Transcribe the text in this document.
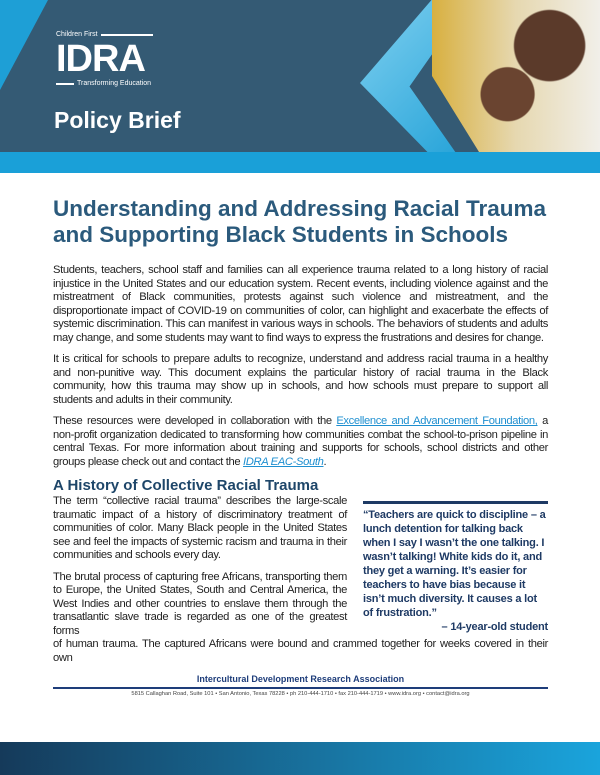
Children First
IDRA
Transforming Education
Policy Brief
Understanding and Addressing Racial Trauma and Supporting Black Students in Schools

Students, teachers, school staff and families can all experience trauma related to a long history of racial injustice in the United States and our education system. Recent events, including violence against and the mistreatment of Black communities, protests against such violence and mistreatment, and the disproportionate impact of COVID-19 on communities of color, can highlight and exacerbate the effects of systemic discrimination. This can manifest in various ways in schools. The behaviors of students and adults may change, and some students may want to find ways to express the frustrations and desires for change.

It is critical for schools to prepare adults to recognize, understand and address racial trauma in a healthy and non-punitive way. This document explains the particular history of racial trauma in the Black community, how this trauma may show up in schools, and how schools must prepare to support all students and adults in their community.

These resources were developed in collaboration with the Excellence and Advancement Foundation, a non-profit organization dedicated to transforming how communities combat the school-to-prison pipeline in central Texas. For more information about training and supports for schools, school districts and other groups please check out and contact the IDRA EAC-South.

A History of Collective Racial Trauma

The term “collective racial trauma” describes the large-scale traumatic impact of a history of discriminatory treatment of communities of color. Many Black people in the United States see and feel the impacts of systemic racism and trauma in their communities and schools every day.

The brutal process of capturing free Africans, transporting them to Europe, the United States, South and Central America, the West Indies and other countries to enslave them through the transatlantic slave trade is regarded as one of the greatest forms

“Teachers are quick to discipline – a lunch detention for talking back when I say I wasn’t the one talking. I wasn’t talking! White kids do it, and they get a warning. It’s easier for teachers to have bias because it isn’t much diversity. It causes a lot of frustration.”
– 14-year-old student

of human trauma. The captured Africans were bound and crammed together for weeks covered in their own

Intercultural Development Research Association
5815 Callaghan Road, Suite 101 • San Antonio, Texas 78228 • ph 210-444-1710 • fax 210-444-1719 • www.idra.org • contact@idra.org
